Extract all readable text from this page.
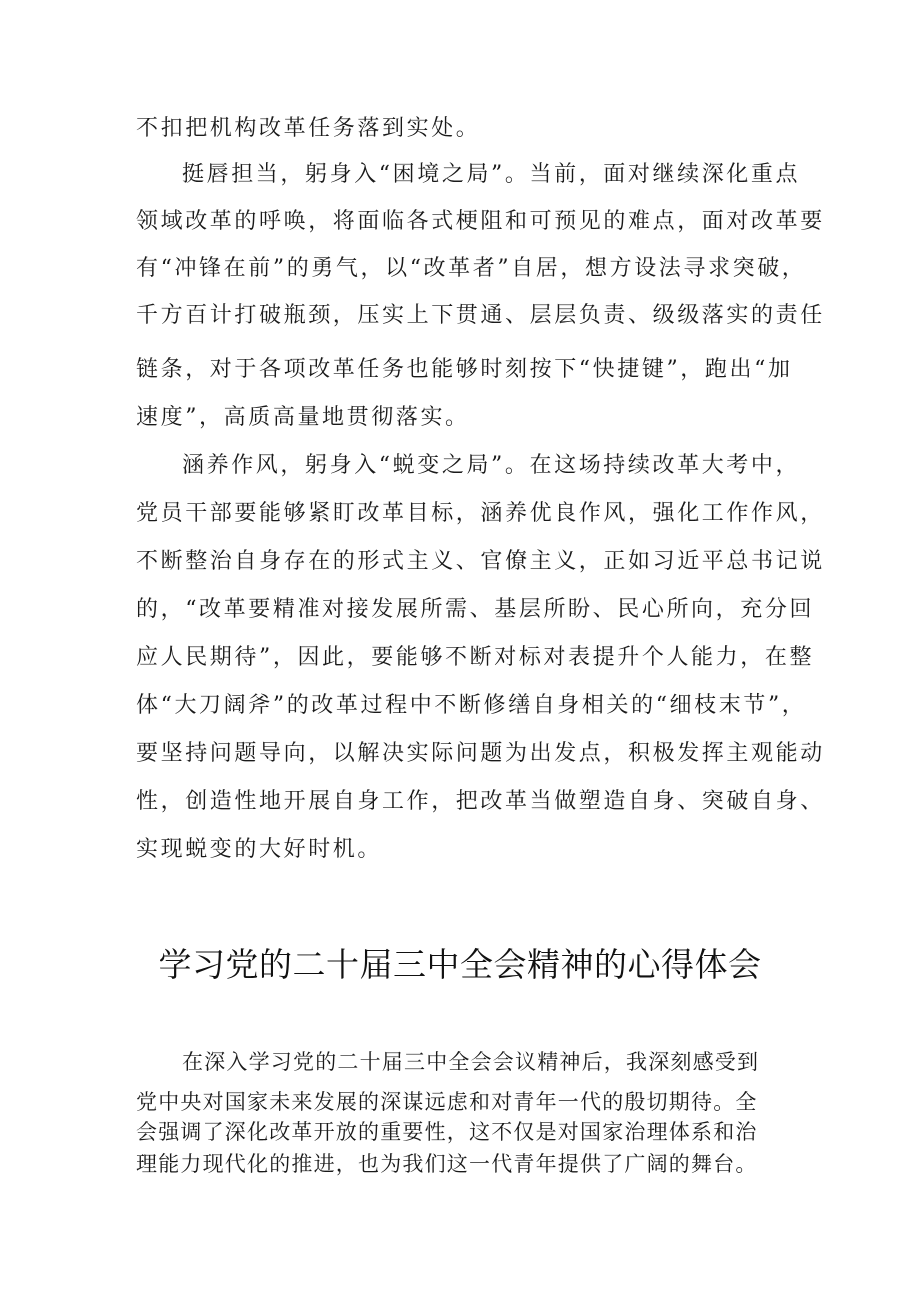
不扣把机构改革任务落到实处。
挺唇担当，躬身入“困境之局”。当前，面对继续深化重点
领域改革的呼唤，将面临各式梗阻和可预见的难点，面对改革要
有“冲锋在前”的勇气，以“改革者”自居，想方设法寻求突破，
千方百计打破瓶颈，压实上下贯通、层层负责、级级落实的责任
链条，对于各项改革任务也能够时刻按下“快捷键”，跑出“加
速度”，高质高量地贯彻落实。
涵养作风，躬身入“蜕变之局”。在这场持续改革大考中，
党员干部要能够紧盯改革目标，涵养优良作风，强化工作作风，
不断整治自身存在的形式主义、官僚主义，正如习近平总书记说
的，“改革要精准对接发展所需、基层所盼、民心所向，充分回
应人民期待”，因此，要能够不断对标对表提升个人能力，在整
体“大刀阔斧”的改革过程中不断修缮自身相关的“细枝末节”，
要坚持问题导向，以解决实际问题为出发点，积极发挥主观能动
性，创造性地开展自身工作，把改革当做塑造自身、突破自身、
实现蜕变的大好时机。
学习党的二十届三中全会精神的心得体会
在深入学习党的二十届三中全会会议精神后，我深刻感受到
党中央对国家未来发展的深谋远虑和对青年一代的殷切期待。全
会强调了深化改革开放的重要性，这不仅是对国家治理体系和治
理能力现代化的推进，也为我们这一代青年提供了广阔的舞台。
